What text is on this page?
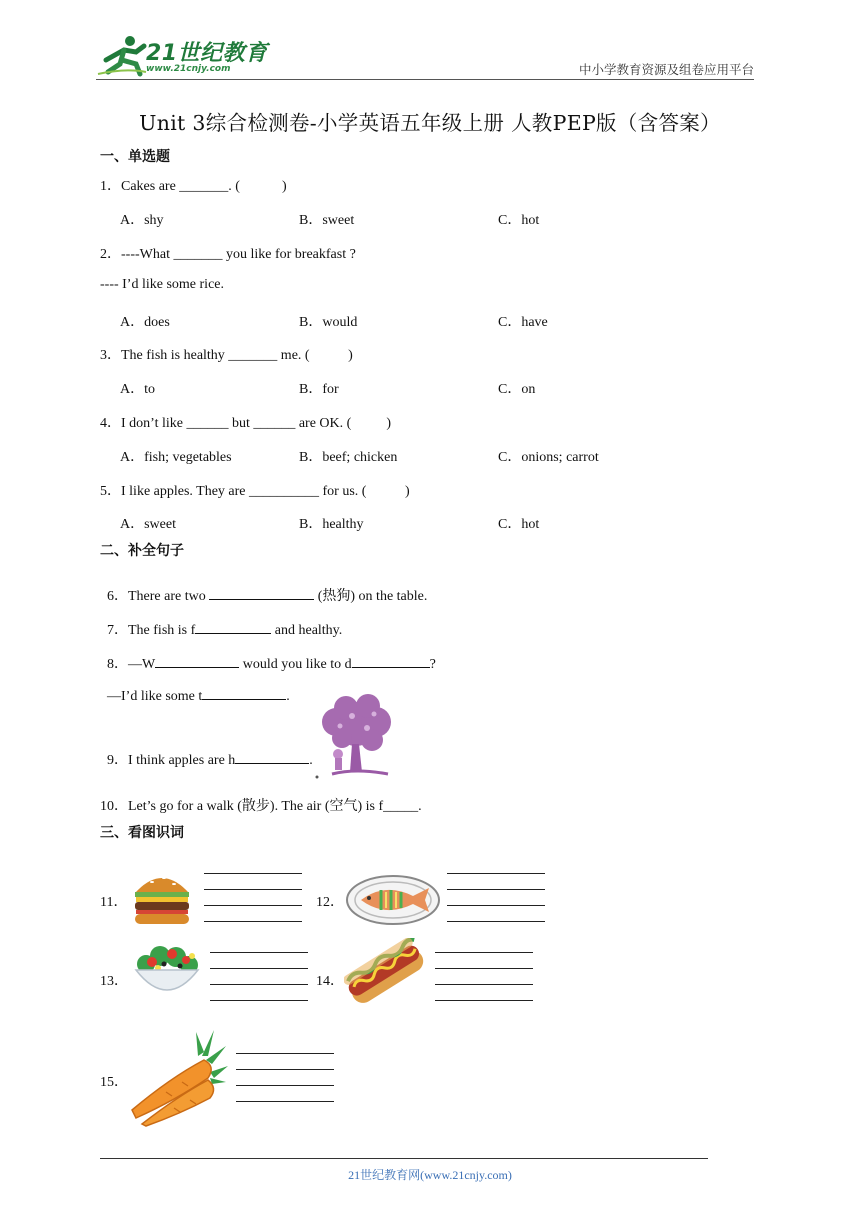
21世纪教育
www.21cnjy.com	中小学教育资源及组卷应用平台
Unit 3综合检测卷-小学英语五年级上册 人教PEP版（含答案）
一、单选题
1．Cakes are _______. (            )
A．shy	B．sweet	C．hot
2．----What _______ you like for breakfast ?
---- I’d like some rice.
A．does	B．would	C．have
3．The fish is healthy _______ me. (           )
A．to	B．for	C．on
4．I don’t like ______ but ______ are OK. (          )
A．fish; vegetables	B．beef; chicken	C．onions; carrot
5．I like apples. They are __________ for us. (           )
A．sweet	B．healthy	C．hot
二、补全句子

6．There are two	(热狗) on the table.

7．The fish is f	and healthy.

8．—W	would you like to d	?

—I’d like some t	.

9．I think apples are h	.

10．Let’s go for a walk (散步). The air (空气) is f_____.
三、看图识词
11．	12．
13．	14．
15．
21世纪教育网(www.21cnjy.com)
